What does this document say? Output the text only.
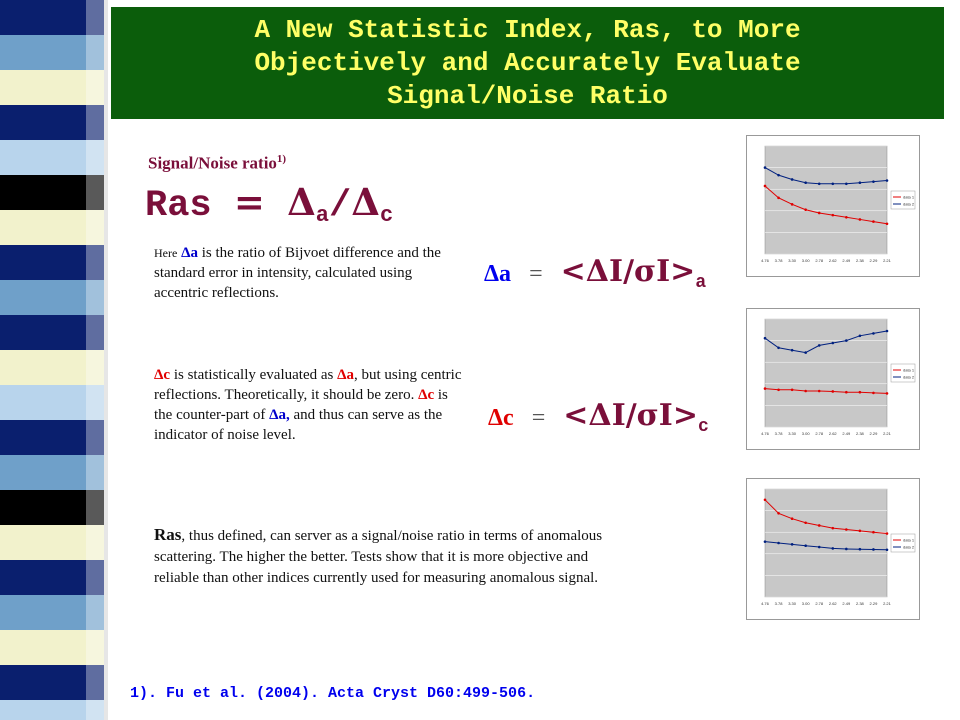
A New Statistic Index, Ras, to More
Objectively and Accurately Evaluate
Signal/Noise Ratio
Signal/Noise ratio$^{1)}$
Ras = $\Delta_a/\Delta_c$
Here Δa is the ratio of Bijvoet difference and the standard error in intensity, calculated using accentric reflections.
$\Delta a = <\Delta I/\sigma I>_a$
Δc is statistically evaluated as Δa, but using centric reflections. Theoretically, it should be zero. Δc is the counter-part of Δa, and thus can serve as the indicator of noise level.
$\Delta c = <\Delta I/\sigma I>_c$
Ras, thus defined, can server as a signal/noise ratio in terms of anomalous scattering. The higher the better. Tests show that it is more objective and reliable than other indices currently used for measuring anomalous signal.
1). Fu et al. (2004). Acta Cryst D60:499-506.
4.76 3.78 3.30 3.00 2.78 2.62 2.49 2.38 2.29 2.21
data 1
data 2
4.76 3.78 3.30 3.00 2.78 2.62 2.49 2.38 2.29 2.21
data 1
data 2
4.76 3.78 3.30 3.00 2.78 2.62 2.49 2.38 2.29 2.21
data 1
data 2
